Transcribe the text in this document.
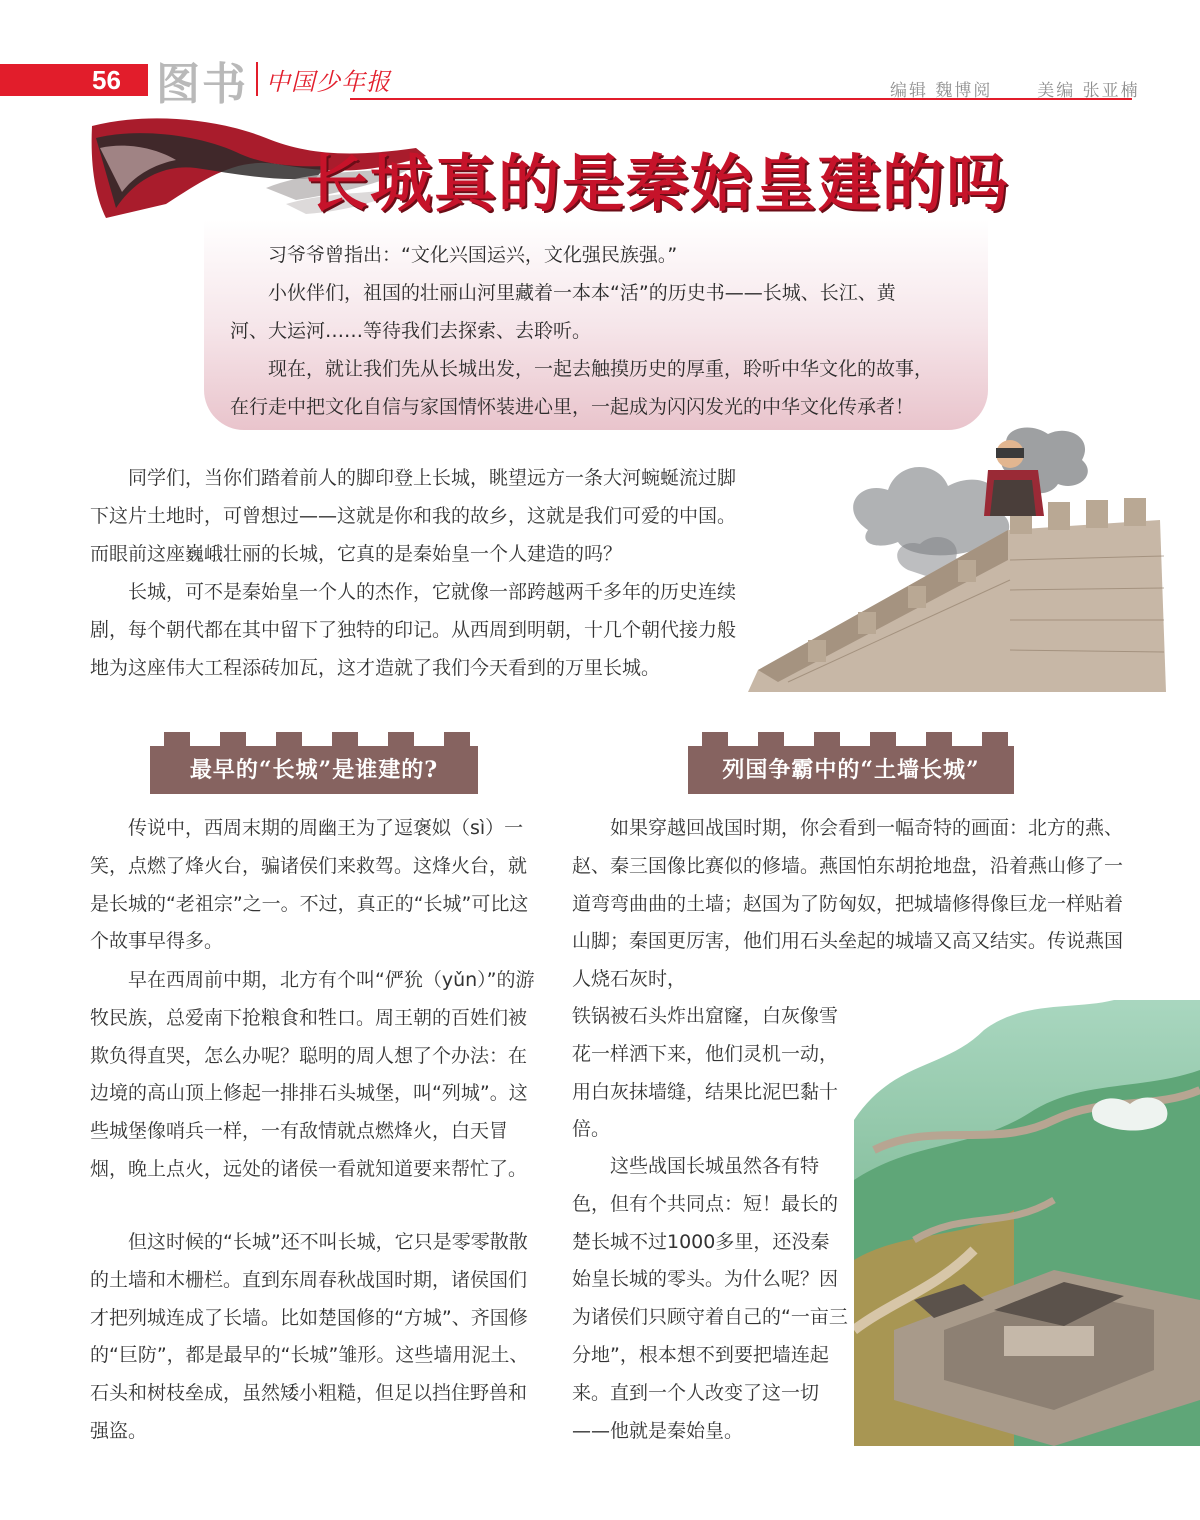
56 图书 中国少年报	编辑 魏博阅	美编 张亚楠
长城真的是秦始皇建的吗

习爷爷曾指出：“文化兴国运兴，文化强民族强。”

小伙伴们，祖国的壮丽山河里藏着一本本“活”的历史书——长城、长江、黄

河、大运河……等待我们去探索、去聆听。

现在，就让我们先从长城出发，一起去触摸历史的厚重，聆听中华文化的故事，

在行走中把文化自信与家国情怀装进心里，一起成为闪闪发光的中华文化传承者！

同学们，当你们踏着前人的脚印登上长城，眺望远方一条大河蜿蜒流过脚下这片土地时，可曾想过——这就是你和我的故乡，这就是我们可爱的中国。而眼前这座巍峨壮丽的长城，它真的是秦始皇一个人建造的吗？

长城，可不是秦始皇一个人的杰作，它就像一部跨越两千多年的历史连续剧，每个朝代都在其中留下了独特的印记。从西周到明朝，十几个朝代接力般地为这座伟大工程添砖加瓦，这才造就了我们今天看到的万里长城。

最早的“长城”是谁建的?

传说中，西周末期的周幽王为了逗褒姒（sì）一笑，点燃了烽火台，骗诸侯们来救驾。这烽火台，就是长城的“老祖宗”之一。不过，真正的“长城”可比这个故事早得多。

早在西周前中期，北方有个叫“俨狁（yǔn）”的游牧民族，总爱南下抢粮食和牲口。周王朝的百姓们被欺负得直哭，怎么办呢？聪明的周人想了个办法：在边境的高山顶上修起一排排石头城堡，叫“列城”。这些城堡像哨兵一样，一有敌情就点燃烽火，白天冒烟，晚上点火，远处的诸侯一看就知道要来帮忙了。

但这时候的“长城”还不叫长城，它只是零零散散的土墙和木栅栏。直到东周春秋战国时期，诸侯国们才把列城连成了长墙。比如楚国修的“方城”、齐国修的“巨防”，都是最早的“长城”雏形。这些墙用泥土、石头和树枝垒成，虽然矮小粗糙，但足以挡住野兽和强盗。

列国争霸中的“土墙长城”

如果穿越回战国时期，你会看到一幅奇特的画面：北方的燕、赵、秦三国像比赛似的修墙。燕国怕东胡抢地盘，沿着燕山修了一道弯弯曲曲的土墙；赵国为了防匈奴，把城墙修得像巨龙一样贴着山脚；秦国更厉害，他们用石头垒起的城墙又高又结实。传说燕国人烧石灰时，

铁锅被石头炸出窟窿，白灰像雪花一样洒下来，他们灵机一动，用白灰抹墙缝，结果比泥巴黏十倍。

这些战国长城虽然各有特色，但有个共同点：短！最长的楚长城不过1000多里，还没秦始皇长城的零头。为什么呢？因为诸侯们只顾守着自己的“一亩三分地”，根本想不到要把墙连起来。直到一个人改变了这一切——他就是秦始皇。
